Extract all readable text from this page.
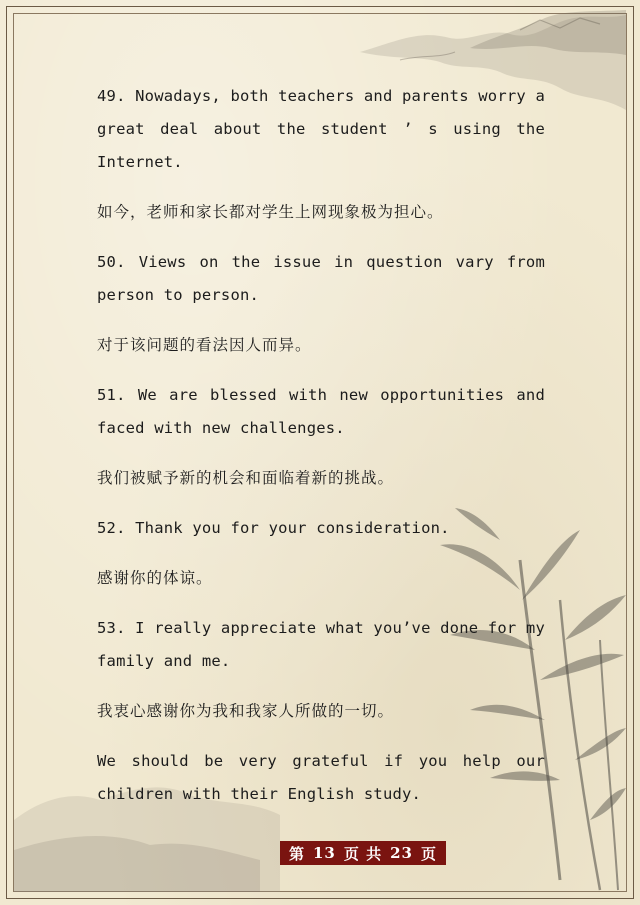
49. Nowadays, both teachers and parents worry a great deal about the student ’ s using the Internet.

如今，老师和家长都对学生上网现象极为担心。

50. Views on the issue in question vary from person to person.

对于该问题的看法因人而异。

51. We are blessed with new opportunities and faced with new challenges.

我们被赋予新的机会和面临着新的挑战。

52. Thank you for your consideration.

感谢你的体谅。

53. I really appreciate what you’ve done for my family and me.

我衷心感谢你为我和我家人所做的一切。

We should be very grateful if you help our children with their English study.

第 13 页 共 23 页
